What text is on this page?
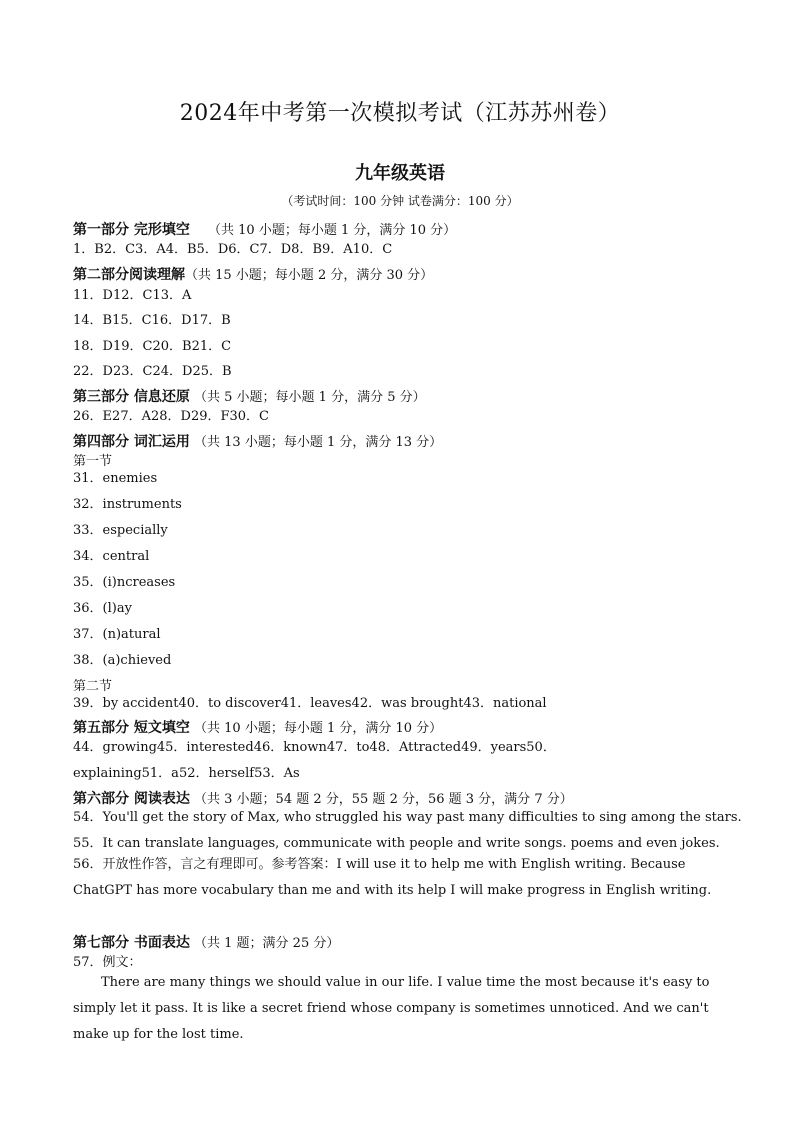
2024年中考第一次模拟考试（江苏苏州卷）
九年级英语
（考试时间：100 分钟 试卷满分：100 分）
第一部分 完形填空 （共 10 小题；每小题 1 分，满分 10 分）
1．B2．C3．A4．B5．D6．C7．D8．B9．A10．C
第二部分阅读理解（共 15 小题；每小题 2 分，满分 30 分）
11．D12．C13．A
14．B15．C16．D17．B
18．D19．C20．B21．C
22．D23．C24．D25．B
第三部分 信息还原 （共 5 小题；每小题 1 分，满分 5 分）
26．E27．A28．D29．F30．C
第四部分 词汇运用 （共 13 小题；每小题 1 分，满分 13 分）
第一节
31．enemies
32．instruments
33．especially
34．central
35．(i)ncreases
36．(l)ay
37．(n)atural
38．(a)chieved
第二节
39．by accident40．to discover41．leaves42．was brought43．national
第五部分 短文填空 （共 10 小题；每小题 1 分，满分 10 分）
44．growing45．interested46．known47．to48．Attracted49．years50．
explaining51．a52．herself53．As
第六部分 阅读表达 （共 3 小题；54 题 2 分，55 题 2 分，56 题 3 分，满分 7 分）
54．You'll get the story of Max, who struggled his way past many difficulties to sing among the stars.
55．It can translate languages, communicate with people and write songs. poems and even jokes.
56．开放性作答，言之有理即可。参考答案：I will use it to help me with English writing. Because ChatGPT has more vocabulary than me and with its help I will make progress in English writing.
第七部分 书面表达 （共 1 题；满分 25 分）
57．例文：
There are many things we should value in our life. I value time the most because it's easy to simply let it pass. It is like a secret friend whose company is sometimes unnoticed. And we can't make up for the lost time.
